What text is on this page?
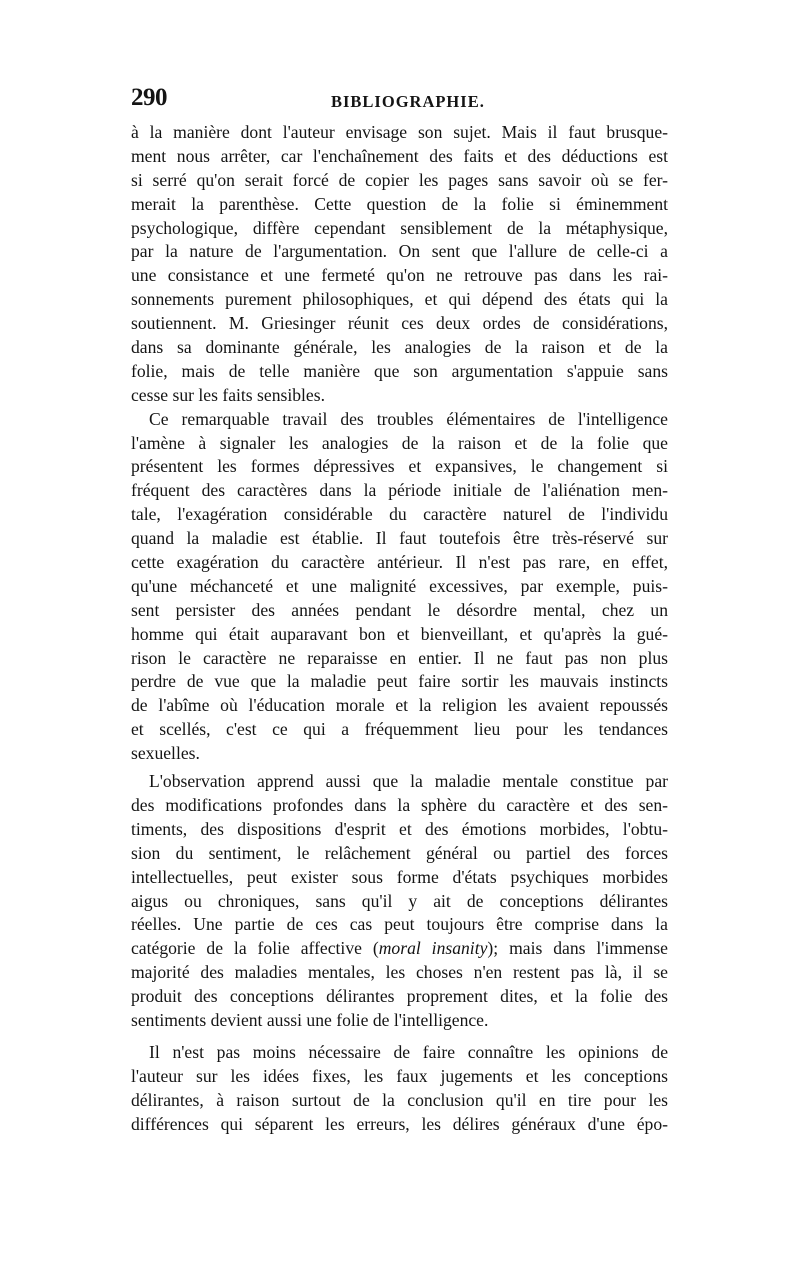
290	BIBLIOGRAPHIE.
à la manière dont l'auteur envisage son sujet. Mais il faut brusque-
ment nous arrêter, car l'enchaînement des faits et des déductions est
si serré qu'on serait forcé de copier les pages sans savoir où se fer-
merait la parenthèse. Cette question de la folie si éminemment
psychologique, diffère cependant sensiblement de la métaphysique,
par la nature de l'argumentation. On sent que l'allure de celle-ci a
une consistance et une fermeté qu'on ne retrouve pas dans les rai-
sonnements purement philosophiques, et qui dépend des états qui la
soutiennent. M. Griesinger réunit ces deux ordes de considérations,
dans sa dominante générale, les analogies de la raison et de la
folie, mais de telle manière que son argumentation s'appuie sans
cesse sur les faits sensibles.
Ce remarquable travail des troubles élémentaires de l'intelligence
l'amène à signaler les analogies de la raison et de la folie que
présentent les formes dépressives et expansives, le changement si
fréquent des caractères dans la période initiale de l'aliénation men-
tale, l'exagération considérable du caractère naturel de l'individu
quand la maladie est établie. Il faut toutefois être très-réservé sur
cette exagération du caractère antérieur. Il n'est pas rare, en effet,
qu'une méchanceté et une malignité excessives, par exemple, puis-
sent persister des années pendant le désordre mental, chez un
homme qui était auparavant bon et bienveillant, et qu'après la gué-
rison le caractère ne reparaisse en entier. Il ne faut pas non plus
perdre de vue que la maladie peut faire sortir les mauvais instincts
de l'abîme où l'éducation morale et la religion les avaient repoussés
et scellés, c'est ce qui a fréquemment lieu pour les tendances
sexuelles.
L'observation apprend aussi que la maladie mentale constitue par
des modifications profondes dans la sphère du caractère et des sen-
timents, des dispositions d'esprit et des émotions morbides, l'obtu-
sion du sentiment, le relâchement général ou partiel des forces
intellectuelles, peut exister sous forme d'états psychiques morbides
aigus ou chroniques, sans qu'il y ait de conceptions délirantes
réelles. Une partie de ces cas peut toujours être comprise dans la
catégorie de la folie affective (moral insanity); mais dans l'immense
majorité des maladies mentales, les choses n'en restent pas là, il se
produit des conceptions délirantes proprement dites, et la folie des
sentiments devient aussi une folie de l'intelligence.
Il n'est pas moins nécessaire de faire connaître les opinions de
l'auteur sur les idées fixes, les faux jugements et les conceptions
délirantes, à raison surtout de la conclusion qu'il en tire pour les
différences qui séparent les erreurs, les délires généraux d'une épo-
